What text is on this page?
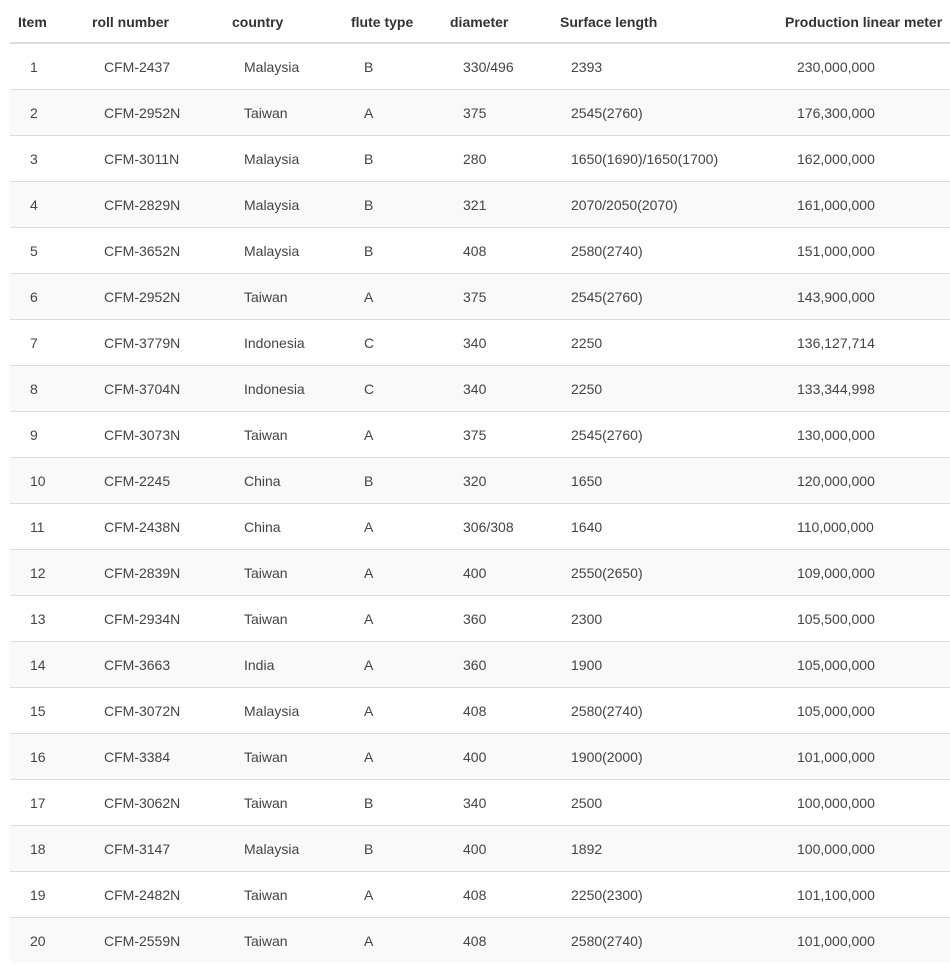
Item	roll number	country	flute type	diameter	Surface length	Production linear meter
1	CFM-2437	Malaysia	B	330/496	2393	230,000,000
2	CFM-2952N	Taiwan	A	375	2545(2760)	176,300,000
3	CFM-3011N	Malaysia	B	280	1650(1690)/1650(1700)	162,000,000
4	CFM-2829N	Malaysia	B	321	2070/2050(2070)	161,000,000
5	CFM-3652N	Malaysia	B	408	2580(2740)	151,000,000
6	CFM-2952N	Taiwan	A	375	2545(2760)	143,900,000
7	CFM-3779N	Indonesia	C	340	2250	136,127,714
8	CFM-3704N	Indonesia	C	340	2250	133,344,998
9	CFM-3073N	Taiwan	A	375	2545(2760)	130,000,000
10	CFM-2245	China	B	320	1650	120,000,000
11	CFM-2438N	China	A	306/308	1640	110,000,000
12	CFM-2839N	Taiwan	A	400	2550(2650)	109,000,000
13	CFM-2934N	Taiwan	A	360	2300	105,500,000
14	CFM-3663	India	A	360	1900	105,000,000
15	CFM-3072N	Malaysia	A	408	2580(2740)	105,000,000
16	CFM-3384	Taiwan	A	400	1900(2000)	101,000,000
17	CFM-3062N	Taiwan	B	340	2500	100,000,000
18	CFM-3147	Malaysia	B	400	1892	100,000,000
19	CFM-2482N	Taiwan	A	408	2250(2300)	101,100,000
20	CFM-2559N	Taiwan	A	408	2580(2740)	101,000,000
